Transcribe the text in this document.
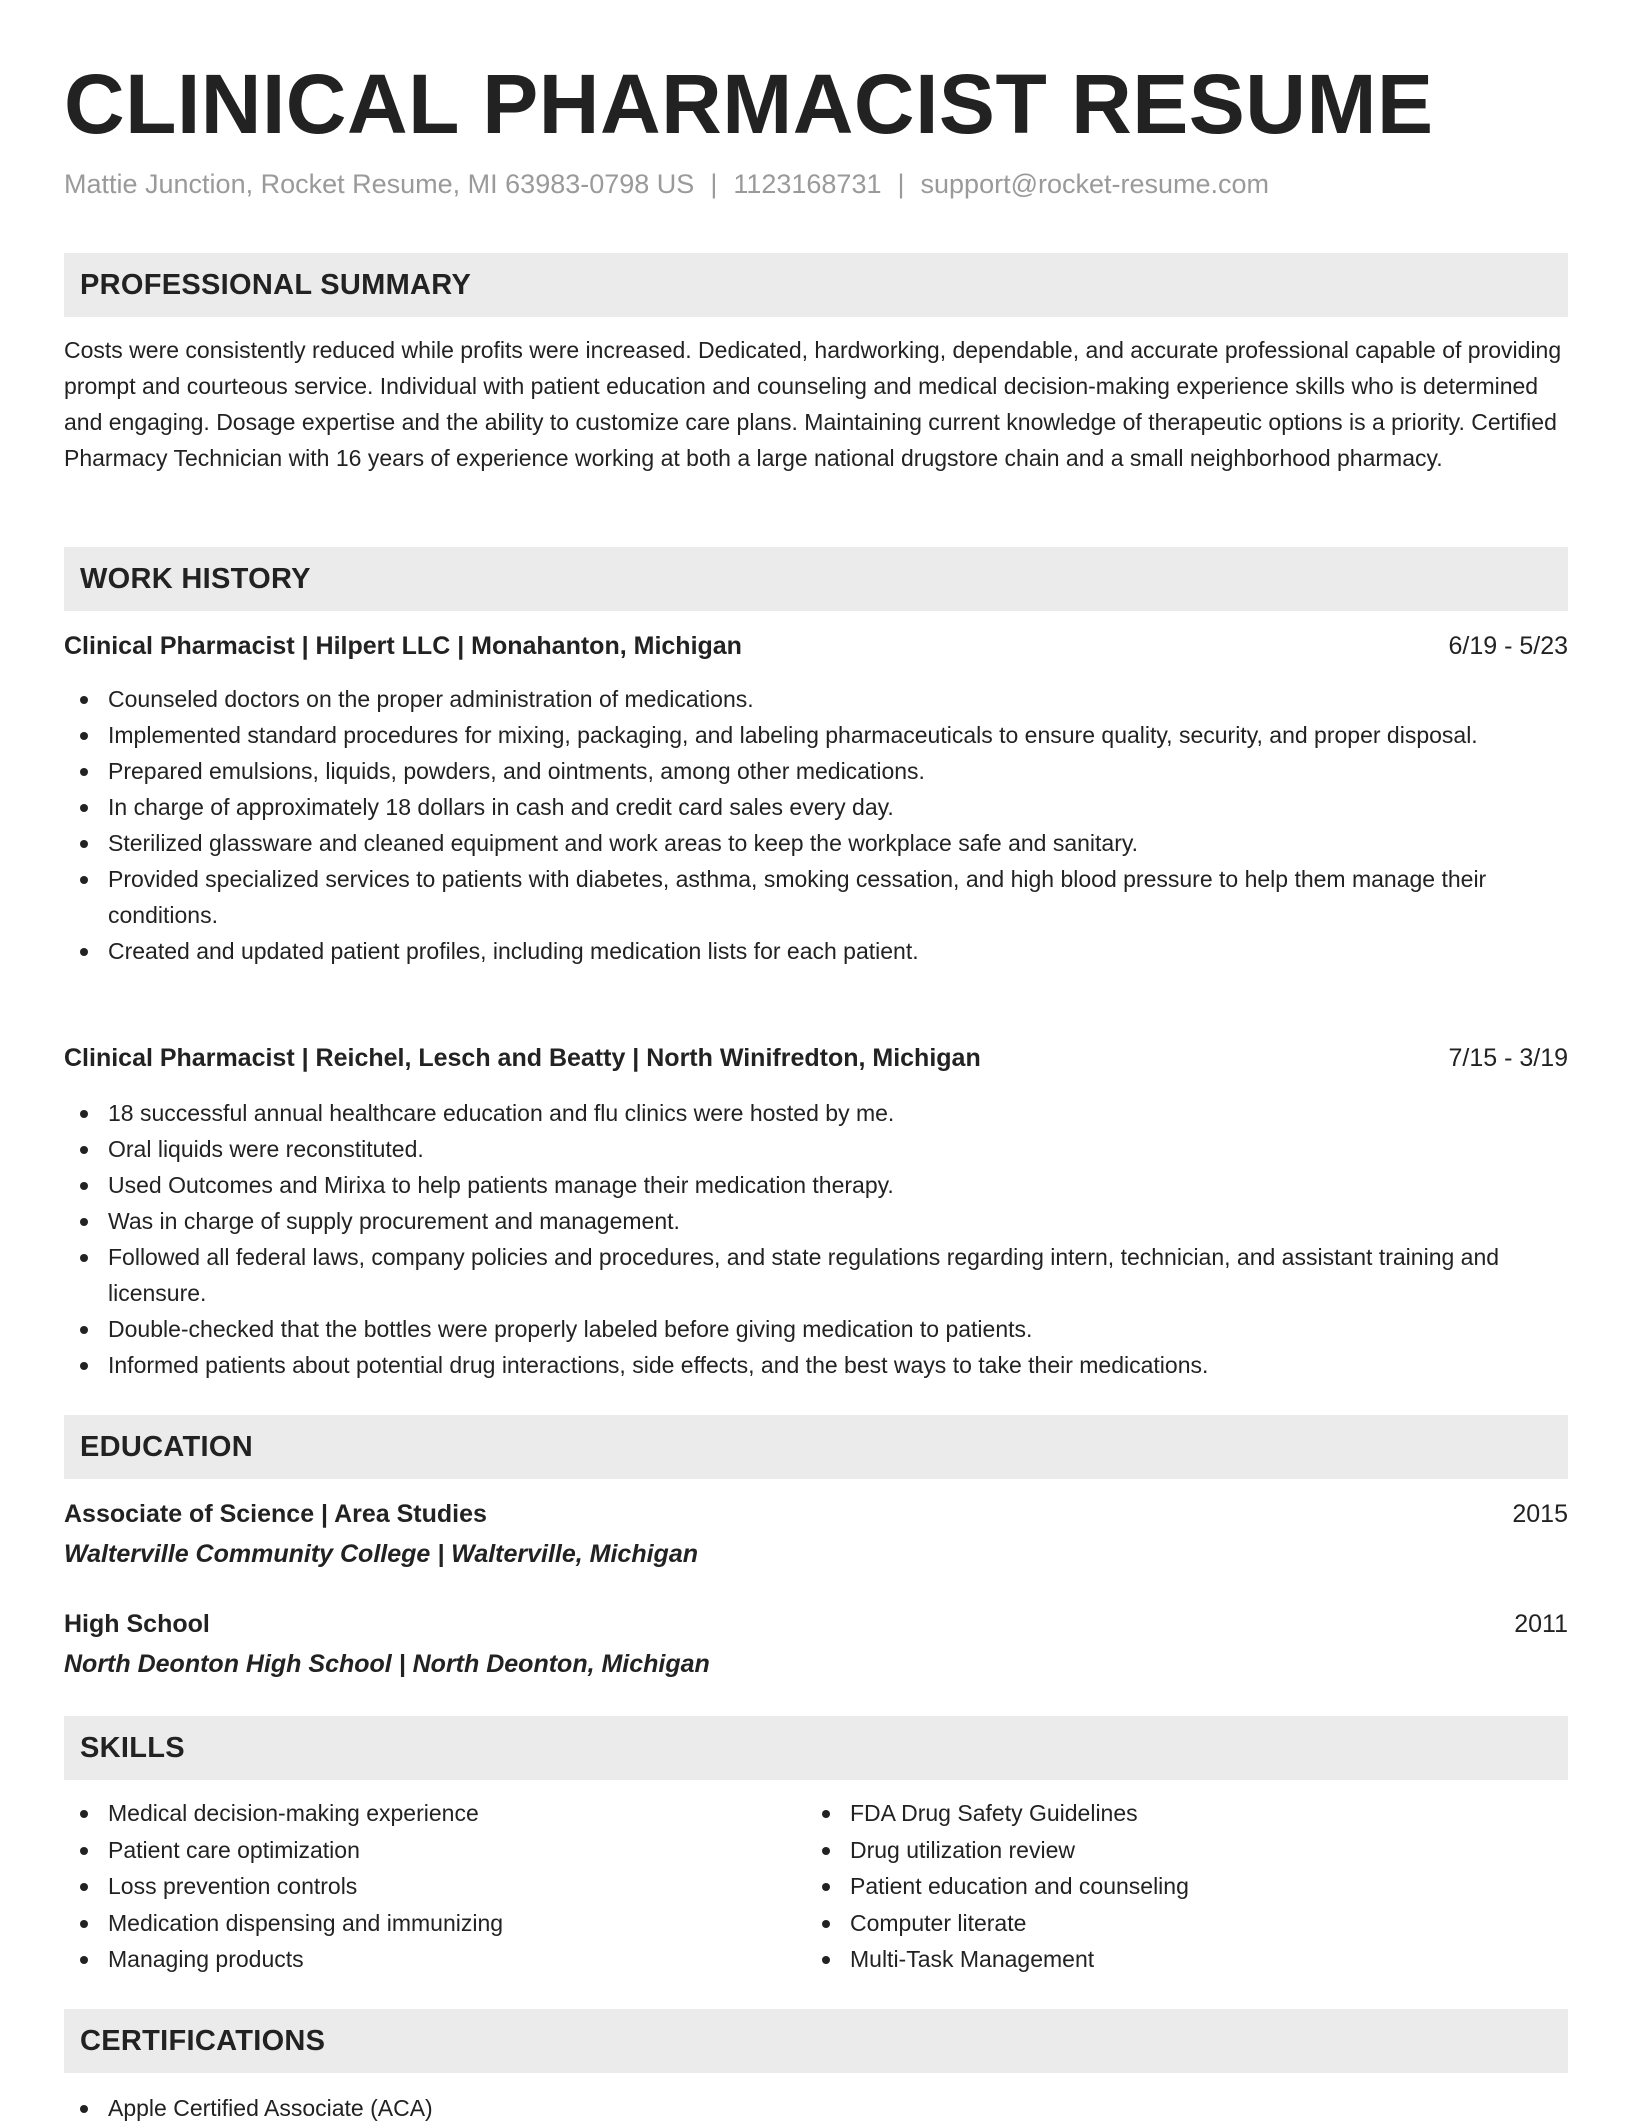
CLINICAL PHARMACIST RESUME
Mattie Junction, Rocket Resume, MI 63983-0798 US | 1123168731 | support@rocket-resume.com
PROFESSIONAL SUMMARY

Costs were consistently reduced while profits were increased. Dedicated, hardworking, dependable, and accurate professional capable of providing prompt and courteous service. Individual with patient education and counseling and medical decision-making experience skills who is determined and engaging. Dosage expertise and the ability to customize care plans. Maintaining current knowledge of therapeutic options is a priority. Certified Pharmacy Technician with 16 years of experience working at both a large national drugstore chain and a small neighborhood pharmacy.

WORK HISTORY
Clinical Pharmacist | Hilpert LLC | Monahanton, Michigan	6/19 - 5/23
Counseled doctors on the proper administration of medications.
Implemented standard procedures for mixing, packaging, and labeling pharmaceuticals to ensure quality, security, and proper disposal.
Prepared emulsions, liquids, powders, and ointments, among other medications.
In charge of approximately 18 dollars in cash and credit card sales every day.
Sterilized glassware and cleaned equipment and work areas to keep the workplace safe and sanitary.
Provided specialized services to patients with diabetes, asthma, smoking cessation, and high blood pressure to help them manage their conditions.
Created and updated patient profiles, including medication lists for each patient.
Clinical Pharmacist | Reichel, Lesch and Beatty | North Winifredton, Michigan	7/15 - 3/19
18 successful annual healthcare education and flu clinics were hosted by me.
Oral liquids were reconstituted.
Used Outcomes and Mirixa to help patients manage their medication therapy.
Was in charge of supply procurement and management.
Followed all federal laws, company policies and procedures, and state regulations regarding intern, technician, and assistant training and licensure.
Double-checked that the bottles were properly labeled before giving medication to patients.
Informed patients about potential drug interactions, side effects, and the best ways to take their medications.
EDUCATION
Associate of Science | Area Studies	2015
Walterville Community College | Walterville, Michigan
High School	2011
North Deonton High School | North Deonton, Michigan
SKILLS
Medical decision-making experience
Patient care optimization
Loss prevention controls
Medication dispensing and immunizing
Managing products
FDA Drug Safety Guidelines
Drug utilization review
Patient education and counseling
Computer literate
Multi-Task Management
CERTIFICATIONS
Apple Certified Associate (ACA)
